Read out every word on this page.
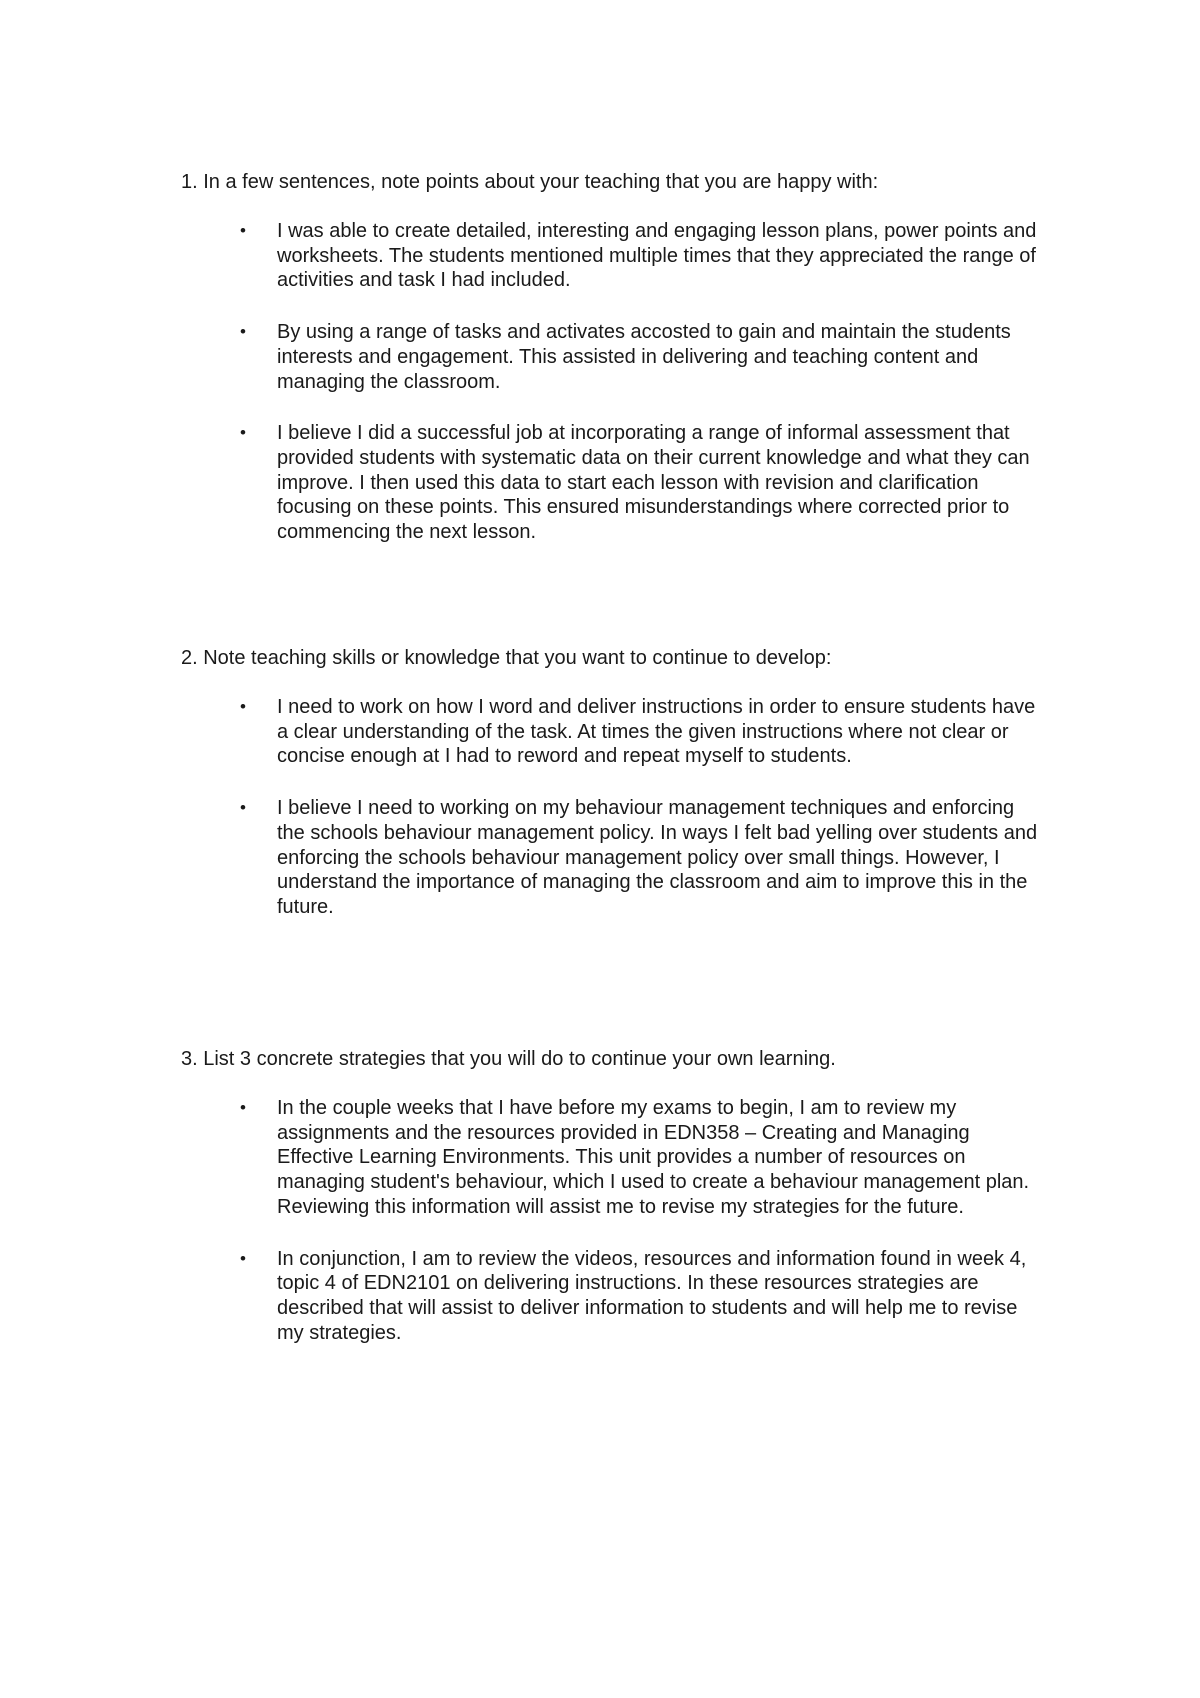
1. In a few sentences, note points about your teaching that you are happy with:

• I was able to create detailed, interesting and engaging lesson plans, power points and worksheets. The students mentioned multiple times that they appreciated the range of activities and task I had included.
• By using a range of tasks and activates accosted to gain and maintain the students interests and engagement. This assisted in delivering and teaching content and managing the classroom.
• I believe I did a successful job at incorporating a range of informal assessment that provided students with systematic data on their current knowledge and what they can improve. I then used this data to start each lesson with revision and clarification focusing on these points. This ensured misunderstandings where corrected prior to commencing the next lesson.

2. Note teaching skills or knowledge that you want to continue to develop:

• I need to work on how I word and deliver instructions in order to ensure students have a clear understanding of the task. At times the given instructions where not clear or concise enough at I had to reword and repeat myself to students.
• I believe I need to working on my behaviour management techniques and enforcing the schools behaviour management policy. In ways I felt bad yelling over students and enforcing the schools behaviour management policy over small things. However, I understand the importance of managing the classroom and aim to improve this in the future.

3. List 3 concrete strategies that you will do to continue your own learning.

• In the couple weeks that I have before my exams to begin, I am to review my assignments and the resources provided in EDN358 – Creating and Managing Effective Learning Environments. This unit provides a number of resources on managing student's behaviour, which I used to create a behaviour management plan. Reviewing this information will assist me to revise my strategies for the future.
• In conjunction, I am to review the videos, resources and information found in week 4, topic 4 of EDN2101 on delivering instructions. In these resources strategies are described that will assist to deliver information to students and will help me to revise my strategies.
